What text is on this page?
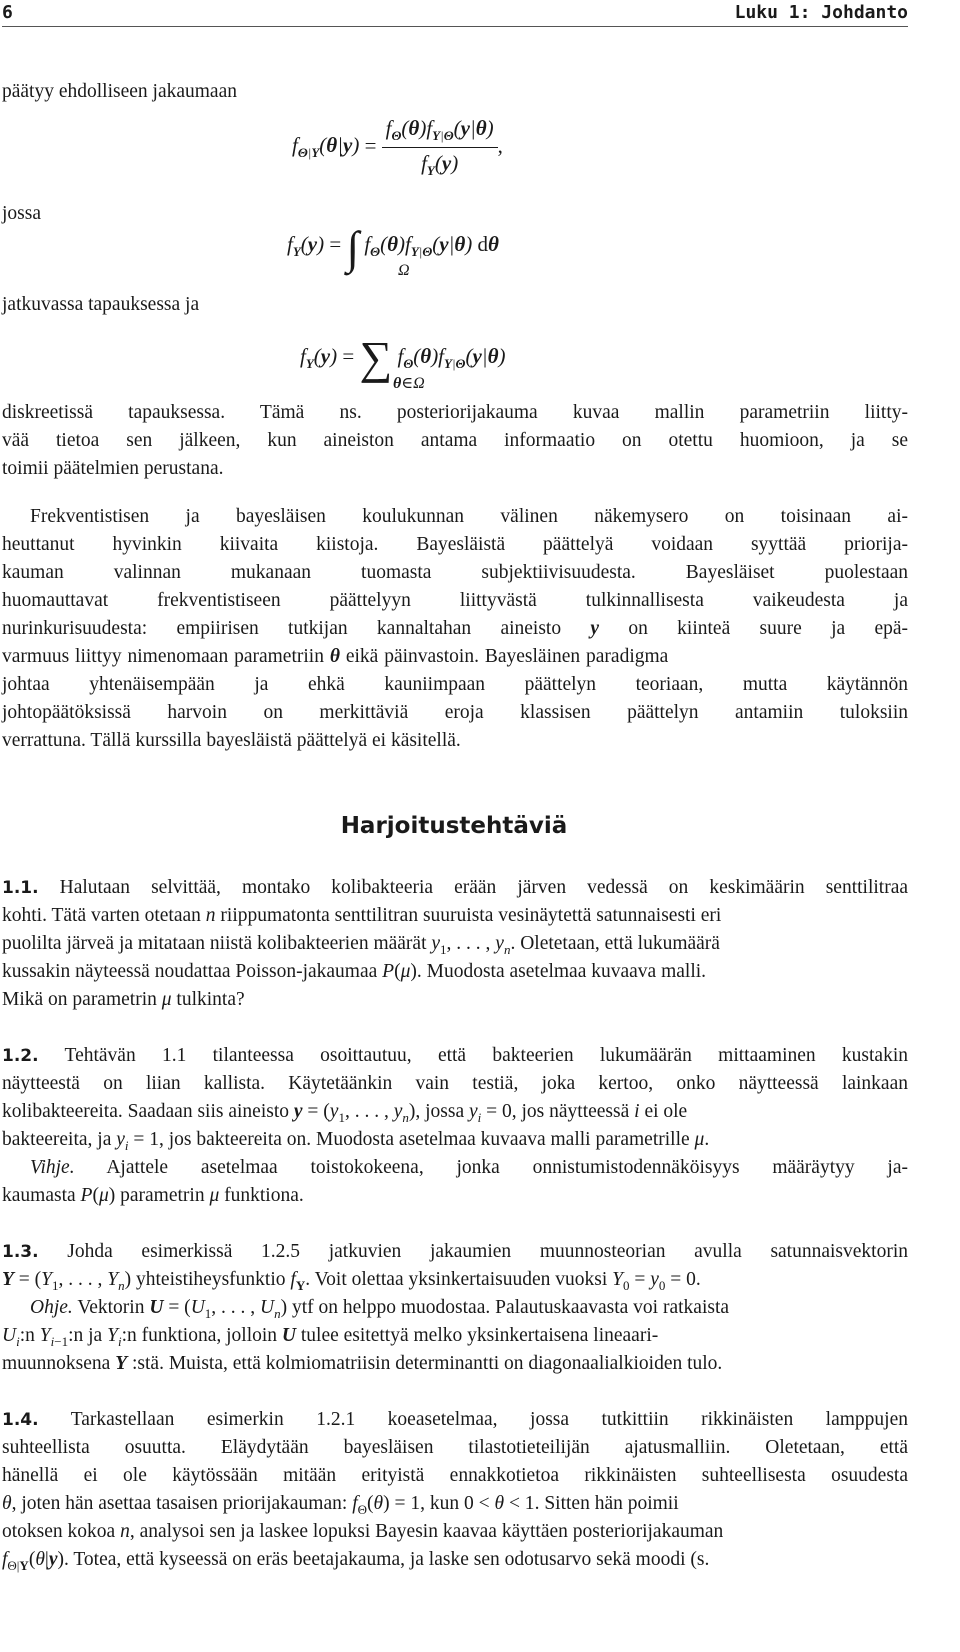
6	Luku 1: Johdanto
päätyy ehdolliseen jakaumaan
jossa
jatkuvassa tapauksessa ja
$f_{\Theta|Y}(\theta|y) = \frac{f_\Theta(\theta)f_{Y|\Theta}(y|\theta)}{f_Y(y)}$ ,
$f_Y(y)$ = ∫ $f_\Theta(\theta)f_{Y|\Theta}(y|\theta)$ dθ
Ω
$f_Y(y)$ = ∑ $f_\Theta(\theta)f_{Y|\Theta}(y|\theta)$
θ∈Ω
diskreetissä tapauksessa. Tämä ns. posteriorijakauma kuvaa mallin parametriin liitty-
vää tietoa sen jälkeen, kun aineiston antama informaatio on otettu huomioon, ja se
toimii päätelmien perustana.
Frekventistisen ja bayesläisen koulukunnan välinen näkemysero on toisinaan ai-
heuttanut hyvinkin kiivaita kiistoja. Bayesläistä päättelyä voidaan syyttää priorija-
kauman valinnan mukanaan tuomasta subjektiivisuudesta. Bayesläiset puolestaan
huomauttavat frekventistiseen päättelyyn liittyvästä tulkinnallisesta vaikeudesta ja
nurinkurisuudesta: empiirisen tutkijan kannaltahan aineisto y on kiinteä suure ja epä-
varmuus liittyy nimenomaan parametriin θ eikä päinvastoin. Bayesläinen paradigma
johtaa yhtenäisempään ja ehkä kauniimpaan päättelyn teoriaan, mutta käytännön
johtopäätöksissä harvoin on merkittäviä eroja klassisen päättelyn antamiin tuloksiin
verrattuna. Tällä kurssilla bayesläistä päättelyä ei käsitellä.
Harjoitustehtäviä
1.1. Halutaan selvittää, montako kolibakteeria erään järven vedessä on keskimäärin senttilitraa
kohti. Tätä varten otetaan n riippumatonta senttilitran suuruista vesinäytettä satunnaisesti eri
puolilta järveä ja mitataan niistä kolibakteerien määrät $y_1$, . . . , $y_n$. Oletetaan, että lukumäärä
kussakin näyteessä noudattaa Poisson-jakaumaa P(μ). Muodosta asetelmaa kuvaava malli.
Mikä on parametrin μ tulkinta?
1.2. Tehtävän 1.1 tilanteessa osoittautuu, että bakteerien lukumäärän mittaaminen kustakin
näytteestä on liian kallista. Käytetäänkin vain testiä, joka kertoo, onko näytteessä lainkaan
kolibakteereita. Saadaan siis aineisto $y = (y_1$, . . . , $y_n$), jossa $y_i = 0$, jos näytteessä i ei ole
bakteereita, ja $y_i = 1$, jos bakteereita on. Muodosta asetelmaa kuvaava malli parametrille μ.
Vihje. Ajattele asetelmaa toistokokeena, jonka onnistumistodennäköisyys määräytyy ja-
kaumasta P(μ) parametrin μ funktiona.
1.3. Johda esimerkissä 1.2.5 jatkuvien jakaumien muunnosteorian avulla satunnaisvektorin
$Y = (Y_1$, . . . , $Y_n$) yhteistiheysfunktio $f_Y$. Voit olettaa yksinkertaisuuden vuoksi $Y_0 = y_0 = 0$.
Ohje. Vektorin $U = (U_1$, . . . , $U_n$) ytf on helppo muodostaa. Palautuskaavasta voi ratkaista
$U_i:n$ $Y_{i-1}:n$ ja $Y_i:n$ funktiona, jolloin U tulee esitettyä melko yksinkertaisena lineaari-
muunnoksena Y :stä. Muista, että kolmiomatriisin determinantti on diagonaalialkioiden tulo.
1.4. Tarkastellaan esimerkin 1.2.1 koeasetelmaa, jossa tutkittiin rikkinäisten lamppujen
suhteellista osuutta. Eläydytään bayesläisen tilastotieteilijän ajatusmalliin. Oletetaan, että
hänellä ei ole käytössään mitään erityistä ennakkotietoa rikkinäisten suhteellisesta osuudesta
θ, joten hän asettaa tasaisen priorijakauman: $f_\Theta(\theta) = 1$, kun 0 < θ < 1. Sitten hän poimii
otoksen kokoa n, analysoi sen ja laskee lopuksi Bayesin kaavaa käyttäen posteriorijakauman
$f_{\Theta|Y}(\theta|y)$. Totea, että kyseessä on eräs beetajakauma, ja laske sen odotusarvo sekä moodi (s.
